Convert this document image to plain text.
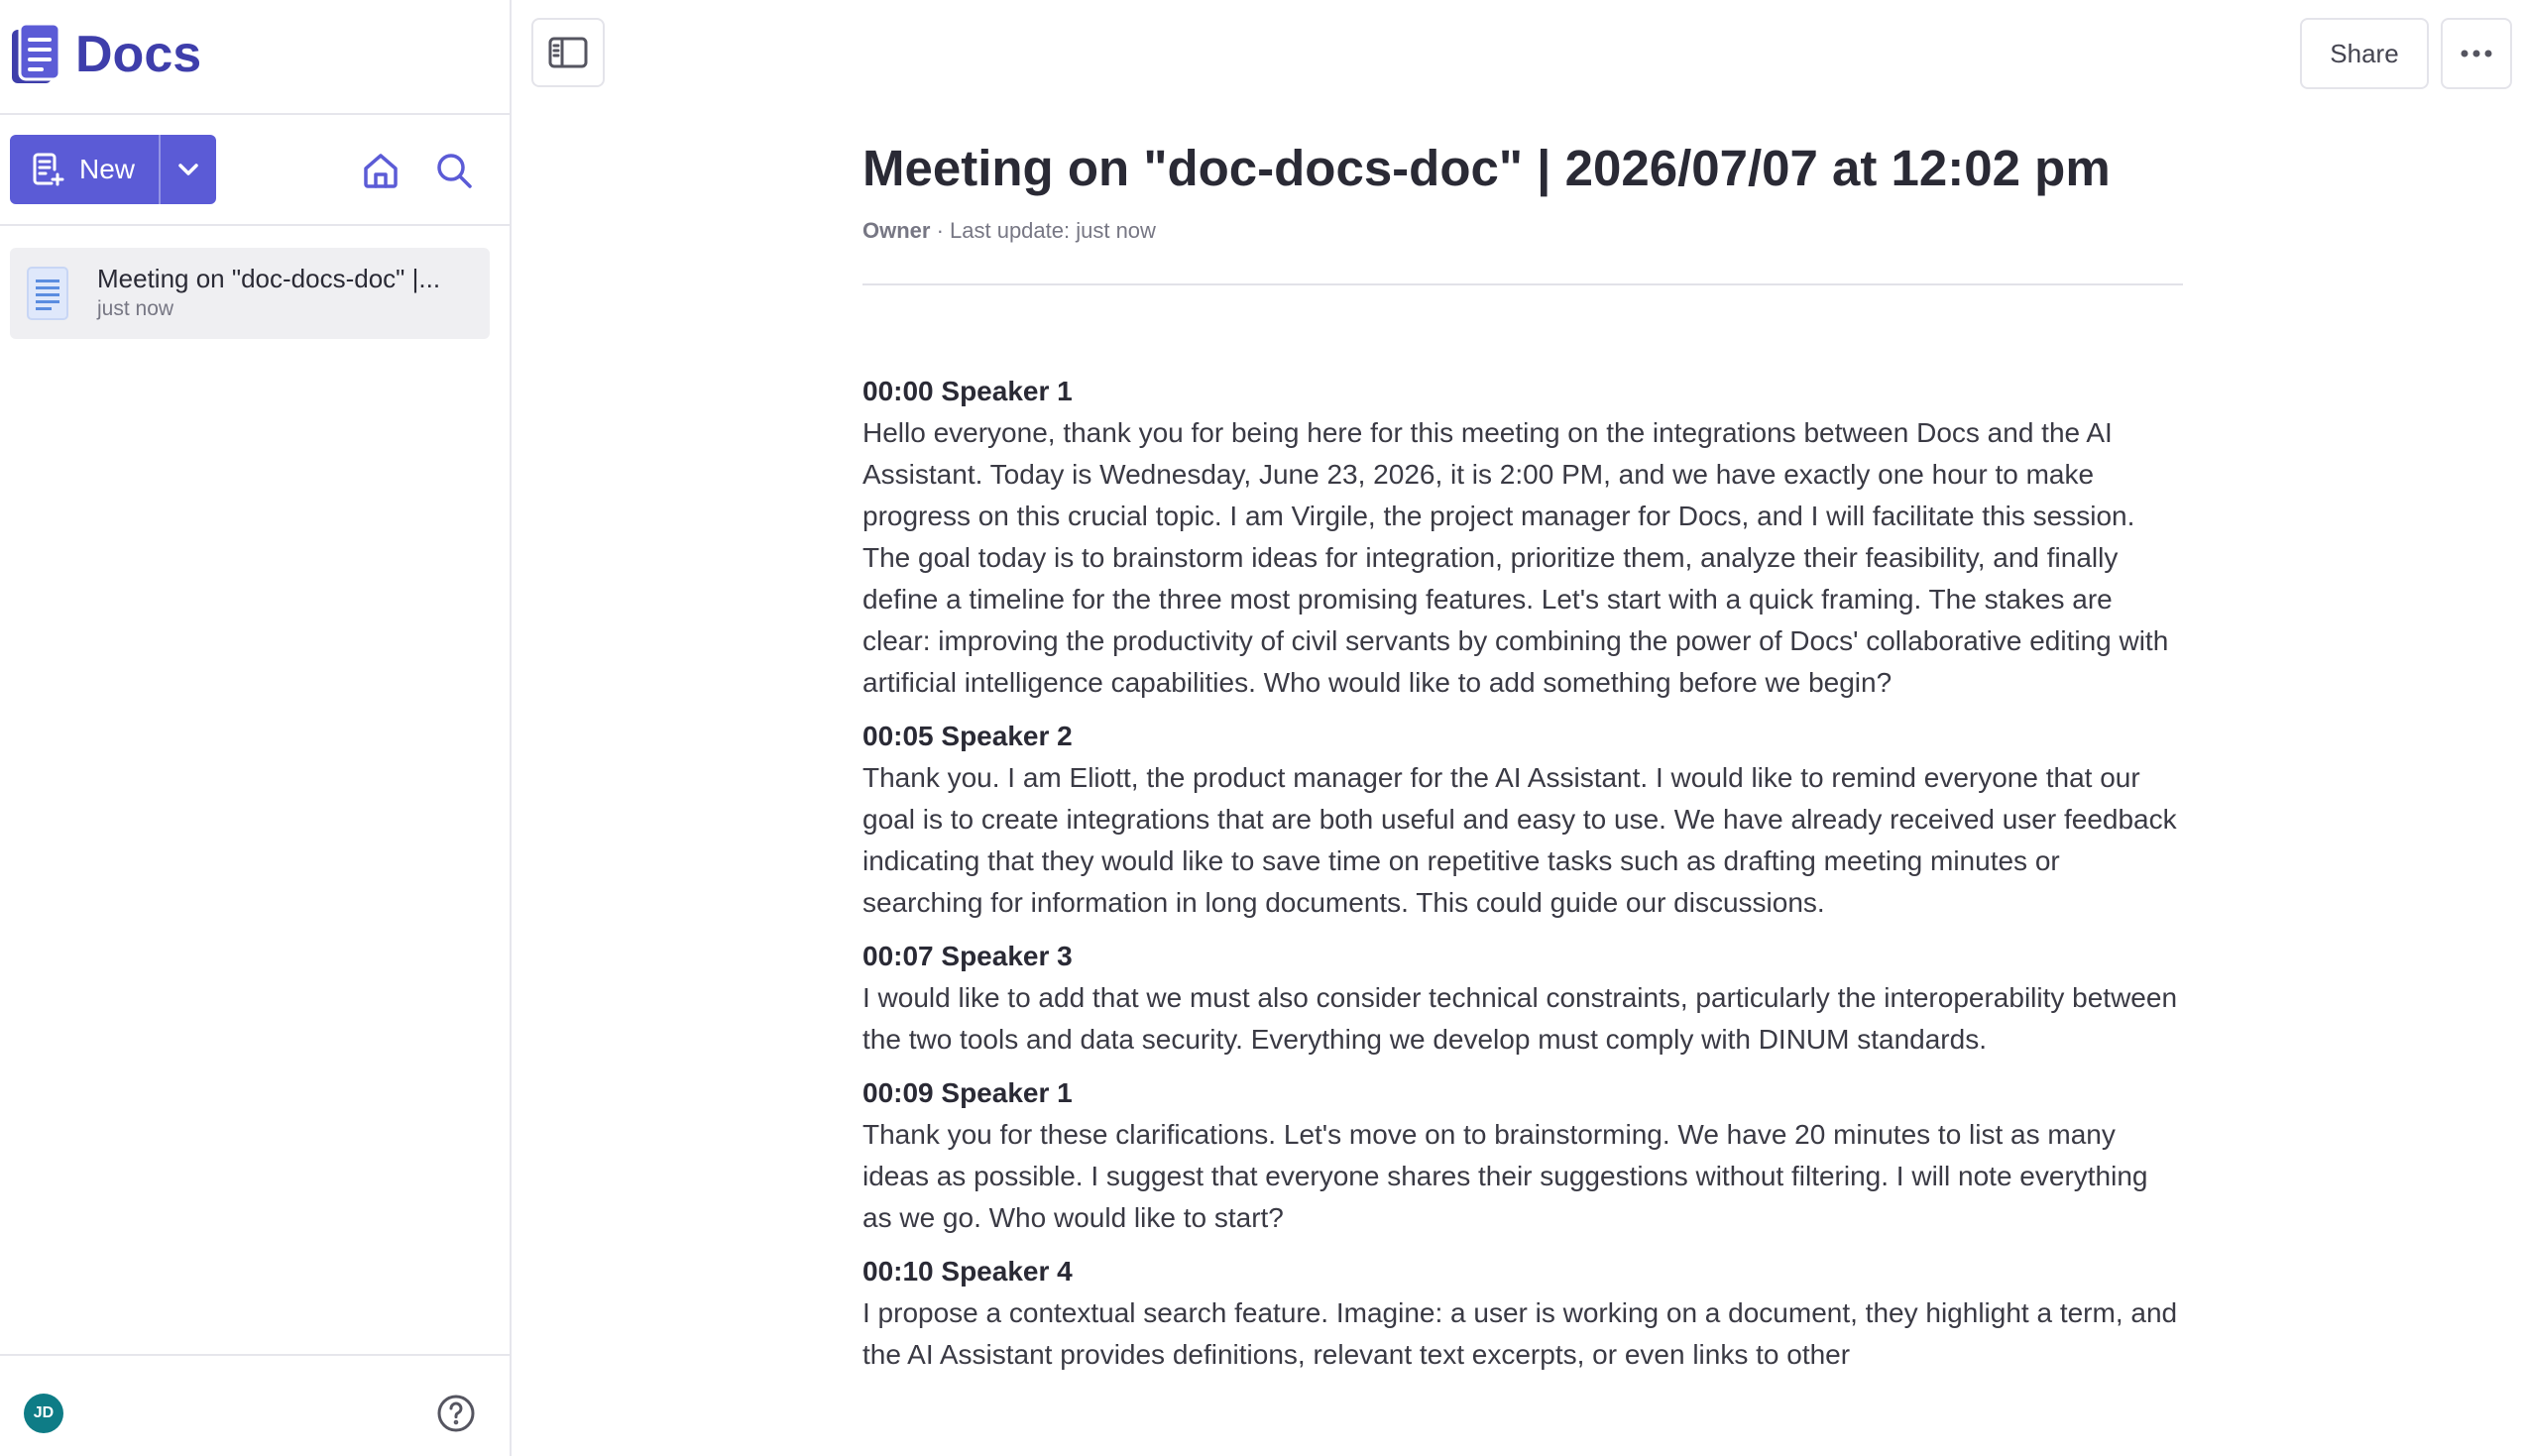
Docs
New
Meeting on "doc-docs-doc" |...
just now
JD
Share
Meeting on "doc-docs-doc" | 2026/07/07 at 12:02 pm
Owner · Last update: just now
00:00 Speaker 1
Hello everyone, thank you for being here for this meeting on the integrations between Docs and the AI Assistant. Today is Wednesday, June 23, 2026, it is 2:00 PM, and we have exactly one hour to make progress on this crucial topic. I am Virgile, the project manager for Docs, and I will facilitate this session. The goal today is to brainstorm ideas for integration, prioritize them, analyze their feasibility, and finally define a timeline for the three most promising features. Let's start with a quick framing. The stakes are clear: improving the productivity of civil servants by combining the power of Docs' collaborative editing with artificial intelligence capabilities. Who would like to add something before we begin?
00:05 Speaker 2
Thank you. I am Eliott, the product manager for the AI Assistant. I would like to remind everyone that our goal is to create integrations that are both useful and easy to use. We have already received user feedback indicating that they would like to save time on repetitive tasks such as drafting meeting minutes or searching for information in long documents. This could guide our discussions.
00:07 Speaker 3
I would like to add that we must also consider technical constraints, particularly the interoperability between the two tools and data security. Everything we develop must comply with DINUM standards.
00:09 Speaker 1
Thank you for these clarifications. Let's move on to brainstorming. We have 20 minutes to list as many ideas as possible. I suggest that everyone shares their suggestions without filtering. I will note everything as we go. Who would like to start?
00:10 Speaker 4
I propose a contextual search feature. Imagine: a user is working on a document, they highlight a term, and the AI Assistant provides definitions, relevant text excerpts, or even links to other
